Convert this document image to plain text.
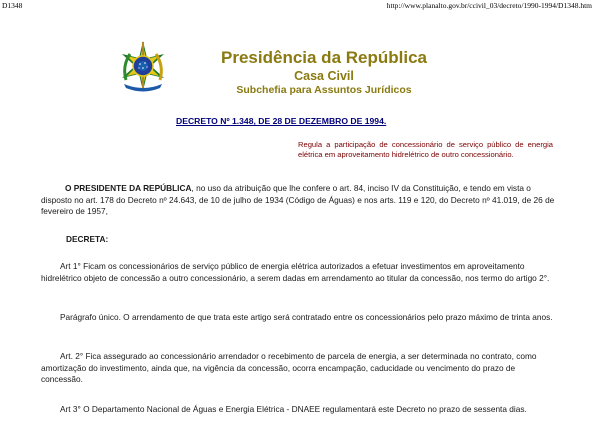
D1348	http://www.planalto.gov.br/ccivil_03/decreto/1990-1994/D1348.htm
Presidência da República
Casa Civil
Subchefia para Assuntos Jurídicos
DECRETO Nº 1.348, DE 28 DE DEZEMBRO DE 1994.
Regula a participação de concessionário de serviço público de energia elétrica em aproveitamento hidrelétrico de outro concessionário.
O PRESIDENTE DA REPÚBLICA, no uso da atribuição que lhe confere o art. 84, inciso IV da Constituição, e tendo em vista o disposto no art. 178 do Decreto nº 24.643, de 10 de julho de 1934 (Código de Águas) e nos arts. 119 e 120, do Decreto nº 41.019, de 26 de fevereiro de 1957,
DECRETA:
Art 1° Ficam os concessionários de serviço público de energia elétrica autorizados a efetuar investimentos em aproveitamento hidrelétrico objeto de concessão a outro concessionário, a serem dadas em arrendamento ao titular da concessão, nos termo do artigo 2°.
Parágrafo único. O arrendamento de que trata este artigo será contratado entre os concessionários pelo prazo máximo de trinta anos.
Art. 2° Fica assegurado ao concessionário arrendador o recebimento de parcela de energia, a ser determinada no contrato, como amortização do investimento, ainda que, na vigência da concessão, ocorra encampação, caducidade ou vencimento do prazo de concessão.
Art 3° O Departamento Nacional de Águas e Energia Elétrica - DNAEE regulamentará este Decreto no prazo de sessenta dias.
